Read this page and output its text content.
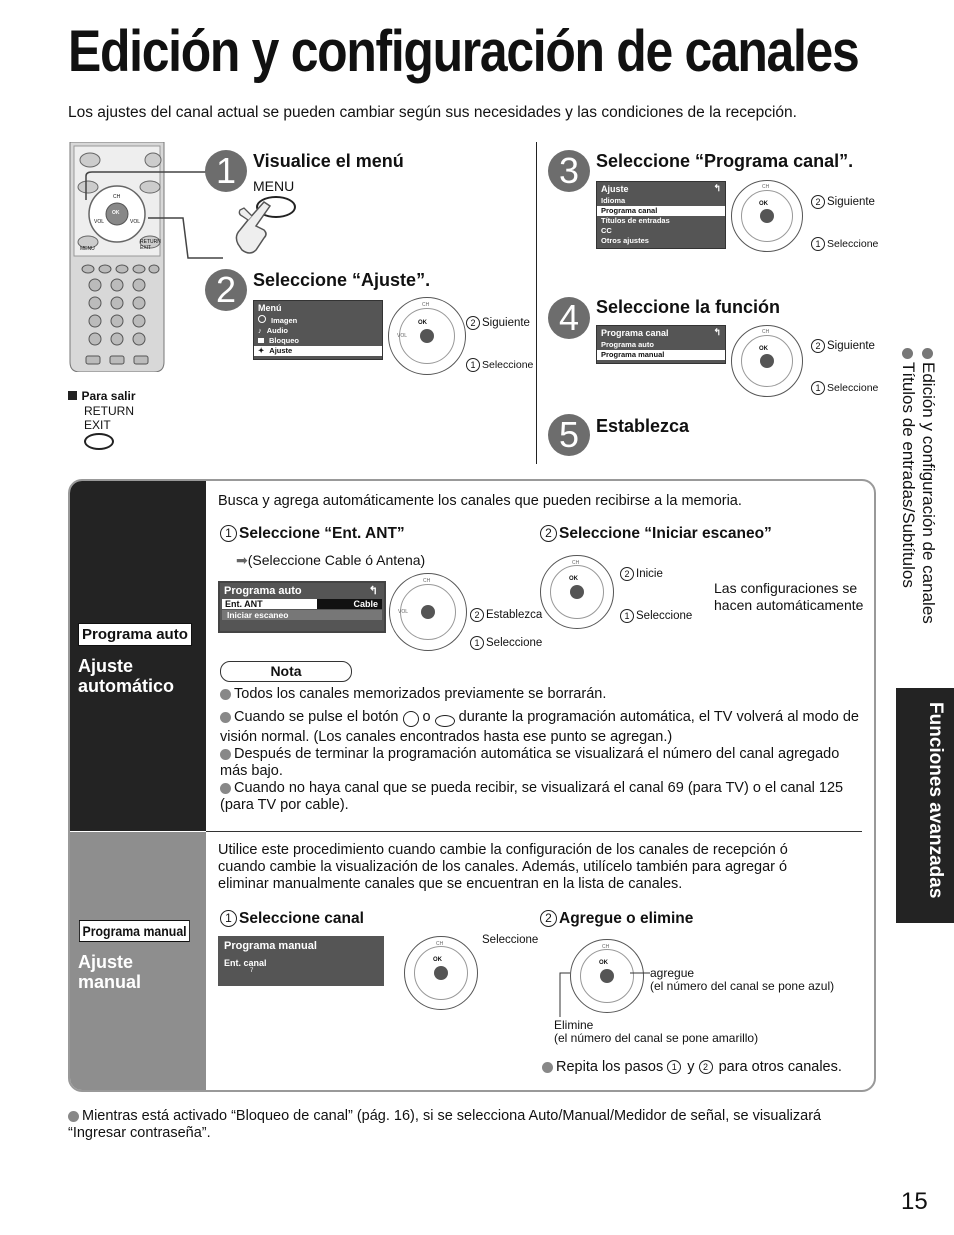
Edición y configuración de canales
Los ajustes del canal actual se pueden cambiar según sus necesidades y las condiciones de la recepción.
CH
OK
VOL	VOL
MENU
RETURN EXIT
Para salir
RETURN
EXIT
1 Visualice el menú
MENU
2 Seleccione “Ajuste”.
Menú
Imagen
♪ Audio
Bloqueo
✦ Ajuste
OK
CH
VOL
2 Siguiente
1 Seleccione
3 Seleccione “Programa canal”.
Ajuste	↰
Idioma
Programa canal
Títulos de entradas
CC
Otros ajustes
OK
CH
2 Siguiente
1 Seleccione
4 Seleccione la función
Programa canal	↰
Programa auto
Programa manual
OK
CH
2 Siguiente
1 Seleccione
5 Establezca
Programa auto
Ajuste automático
Programa manual
Ajuste manual
Busca y agrega automáticamente los canales que pueden recibirse a la memoria.
1 Seleccione “Ent. ANT”
➡(Seleccione Cable ó Antena)
Programa auto	↰
Ent. ANT	Cable
Iniciar escaneo
CH
VOL	2 Establezca
1 Seleccione
2 Seleccione “Iniciar escaneo”
OK
CH
2 Inicie
1 Seleccione
Las configuraciones se hacen automáticamente
Nota
Todos los canales memorizados previamente se borrarán.
Cuando se pulse el botón o durante la programación automática, el TV volverá al modo de visión normal. (Los canales encontrados hasta ese punto se agregan.)
Después de terminar la programación automática se visualizará el número del canal agregado más bajo.
Cuando no haya canal que se pueda recibir, se visualizará el canal 69 (para TV) o el canal 125 (para TV por cable).
Utilice este procedimiento cuando cambie la configuración de los canales de recepción ó cuando cambie la visualización de los canales. Además, utilícelo también para agregar ó eliminar manualmente canales que se encuentran en la lista de canales.
1 Seleccione canal
Programa manual
Ent. canal
7
OK
CH	Seleccione
2 Agregue o elimine
OK
CH
agregue
(el número del canal se pone azul)
Elimine
(el número del canal se pone amarillo)
Repita los pasos 1 y 2 para otros canales.
Mientras está activado “Bloqueo de canal” (pág. 16), si se selecciona Auto/Manual/Medidor de señal, se visualizará “Ingresar contraseña”.
Edición y configuración de canales
Títulos de entradas/Subtítulos
Funciones avanzadas
15
